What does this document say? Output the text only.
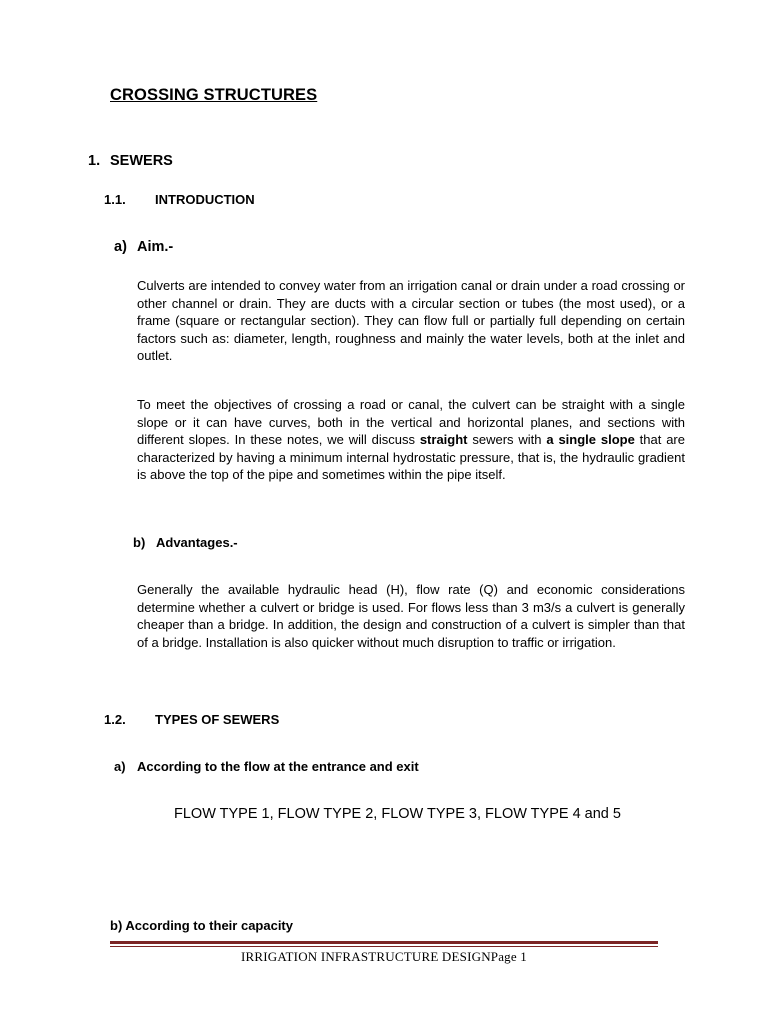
CROSSING STRUCTURES
1. SEWERS
1.1. INTRODUCTION
a) Aim.-

Culverts are intended to convey water from an irrigation canal or drain under a road crossing or other channel or drain. They are ducts with a circular section or tubes (the most used), or a frame (square or rectangular section). They can flow full or partially full depending on certain factors such as: diameter, length, roughness and mainly the water levels, both at the inlet and outlet.

To meet the objectives of crossing a road or canal, the culvert can be straight with a single slope or it can have curves, both in the vertical and horizontal planes, and sections with different slopes. In these notes, we will discuss straight sewers with a single slope that are characterized by having a minimum internal hydrostatic pressure, that is, the hydraulic gradient is above the top of the pipe and sometimes within the pipe itself.

b) Advantages.-

Generally the available hydraulic head (H), flow rate (Q) and economic considerations determine whether a culvert or bridge is used. For flows less than 3 m3/s a culvert is generally cheaper than a bridge. In addition, the design and construction of a culvert is simpler than that of a bridge. Installation is also quicker without much disruption to traffic or irrigation.

1.2. TYPES OF SEWERS
a) According to the flow at the entrance and exit
FLOW TYPE 1, FLOW TYPE 2, FLOW TYPE 3, FLOW TYPE 4 and 5
b) According to their capacity
IRRIGATION INFRASTRUCTURE DESIGNPage 1
